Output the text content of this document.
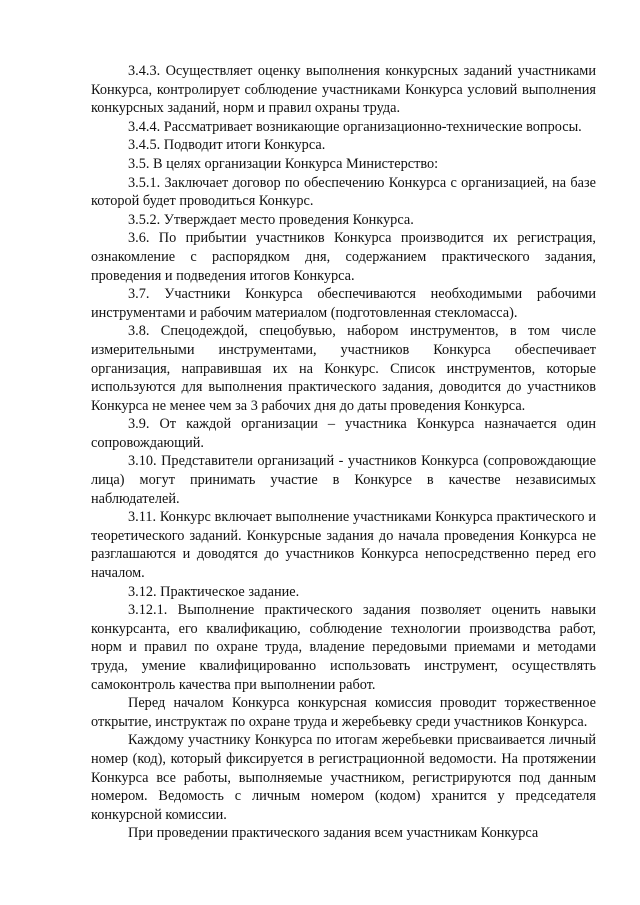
3.4.3. Осуществляет оценку выполнения конкурсных заданий участниками Конкурса, контролирует соблюдение участниками Конкурса условий выполнения конкурсных заданий, норм и правил охраны труда.

3.4.4. Рассматривает возникающие организационно-технические вопросы.

3.4.5. Подводит итоги Конкурса.

3.5. В целях организации Конкурса Министерство:

3.5.1. Заключает договор по обеспечению Конкурса с организацией, на базе которой будет проводиться Конкурс.

3.5.2. Утверждает место проведения Конкурса.

3.6. По прибытии участников Конкурса производится их регистрация, ознакомление с распорядком дня, содержанием практического задания, проведения и подведения итогов Конкурса.

3.7. Участники Конкурса обеспечиваются необходимыми рабочими инструментами и рабочим материалом (подготовленная стекломасса).

3.8. Спецодеждой, спецобувью, набором инструментов, в том числе измерительными инструментами, участников Конкурса обеспечивает организация, направившая их на Конкурс. Список инструментов, которые используются для выполнения практического задания, доводится до участников Конкурса не менее чем за 3 рабочих дня до даты проведения Конкурса.

3.9. От каждой организации – участника Конкурса назначается один сопровождающий.

3.10. Представители организаций - участников Конкурса (сопровождающие лица) могут принимать участие в Конкурсе в качестве независимых наблюдателей.

3.11. Конкурс включает выполнение участниками Конкурса практического и теоретического заданий. Конкурсные задания до начала проведения Конкурса не разглашаются и доводятся до участников Конкурса непосредственно перед его началом.

3.12. Практическое задание.

3.12.1. Выполнение практического задания позволяет оценить навыки конкурсанта, его квалификацию, соблюдение технологии производства работ, норм и правил по охране труда, владение передовыми приемами и методами труда, умение квалифицированно использовать инструмент, осуществлять самоконтроль качества при выполнении работ.

Перед началом Конкурса конкурсная комиссия проводит торжественное открытие, инструктаж по охране труда и жеребьевку среди участников Конкурса.

Каждому участнику Конкурса по итогам жеребьевки присваивается личный номер (код), который фиксируется в регистрационной ведомости. На протяжении Конкурса все работы, выполняемые участником, регистрируются под данным номером. Ведомость с личным номером (кодом) хранится у председателя конкурсной комиссии.

При проведении практического задания всем участникам Конкурса
